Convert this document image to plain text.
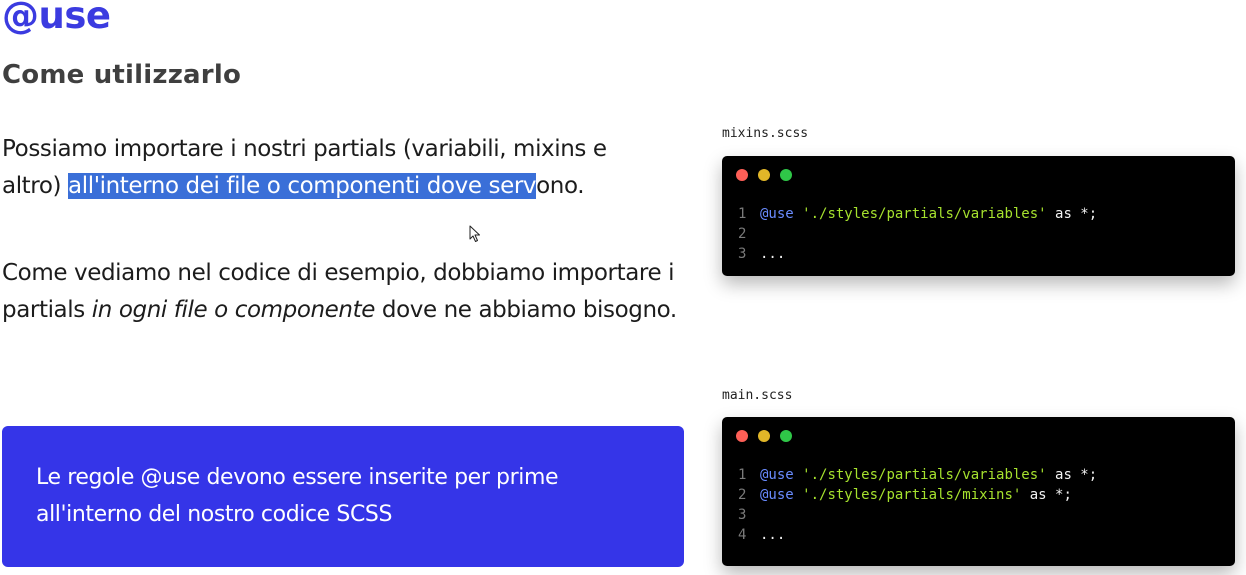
@use
Come utilizzarlo

Possiamo importare i nostri partials (variabili, mixins e altro) all'interno dei file o componenti dove servono.

Come vediamo nel codice di esempio, dobbiamo importare i partials in ogni file o componente dove ne abbiamo bisogno.

Le regole @use devono essere inserite per prime all'interno del nostro codice SCSS

mixins.scss
1 @use './styles/partials/variables' as *;
2
3 ...
main.scss
1 @use './styles/partials/variables' as *;
2 @use './styles/partials/mixins' as *;
3
4 ...
